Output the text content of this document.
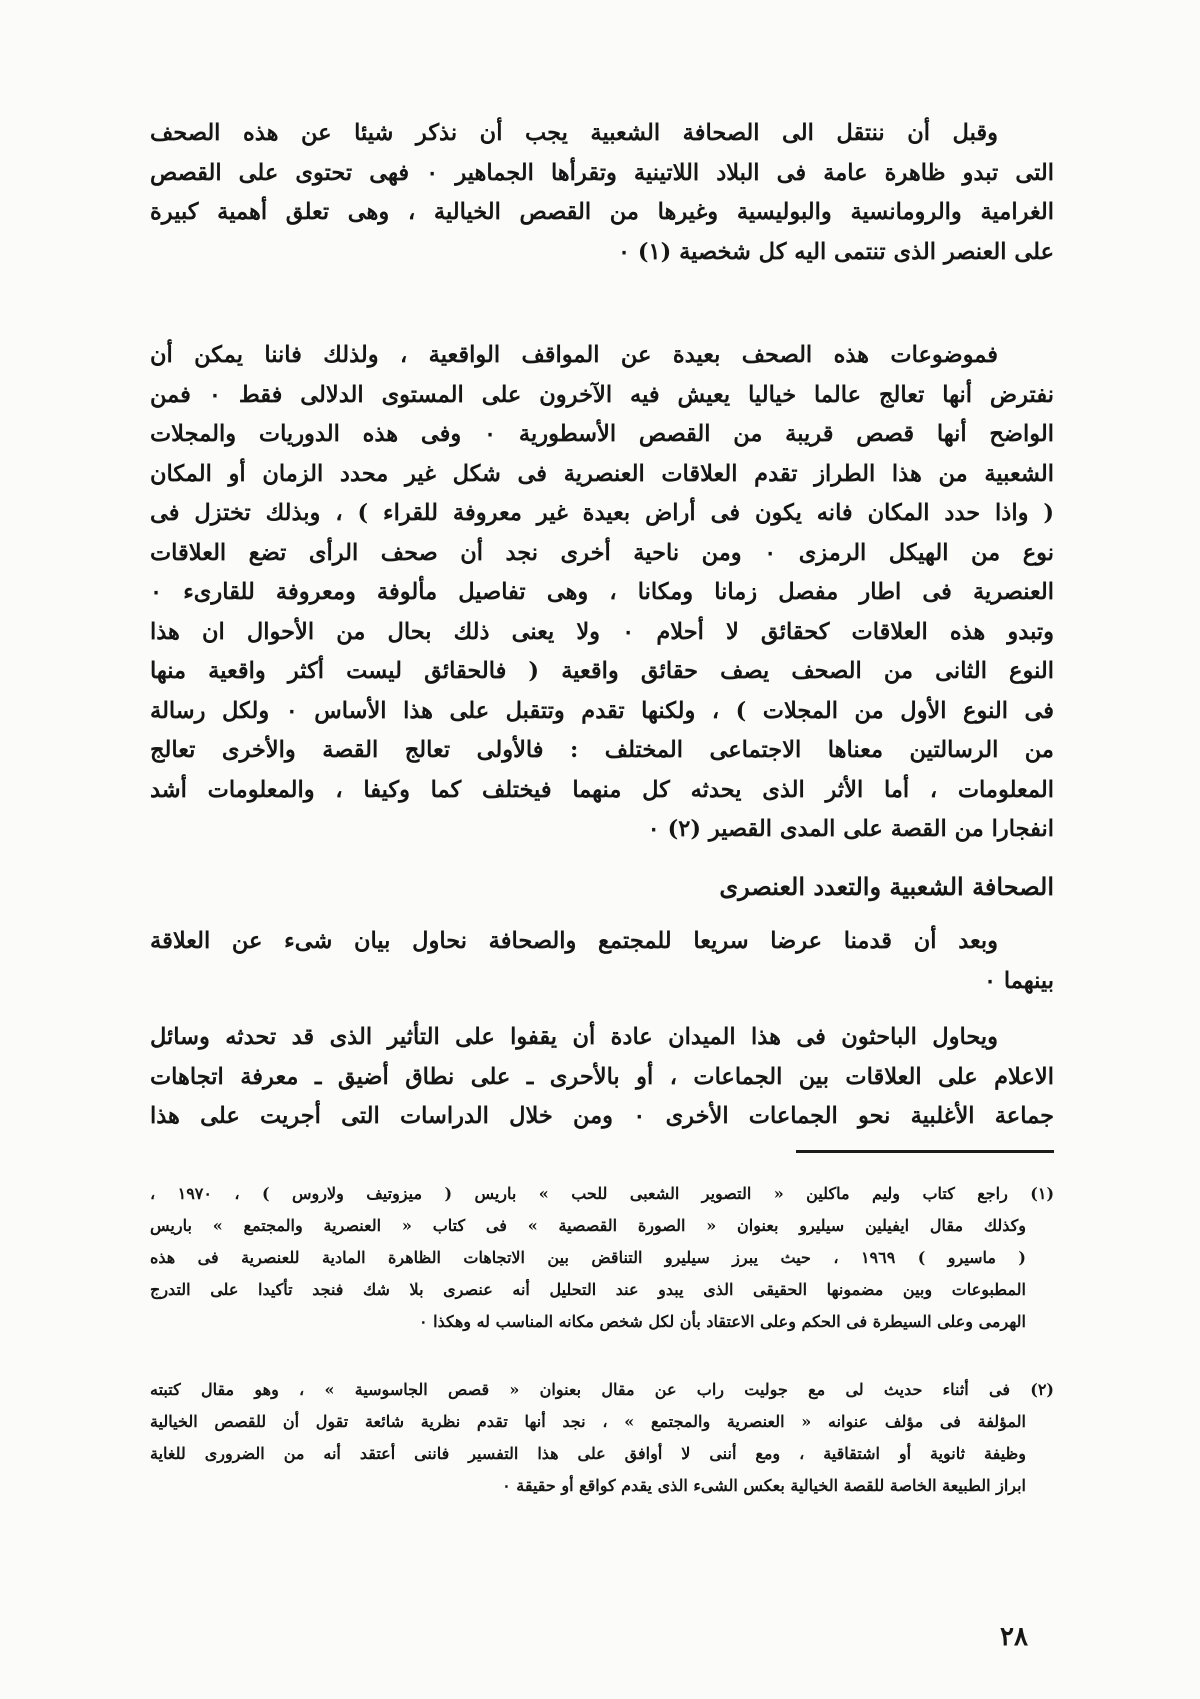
وقبل أن ننتقل الى الصحافة الشعبية يجب أن نذكر شيئا عن هذه الصحف
التى تبدو ظاهرة عامة فى البلاد اللاتينية وتقرأها الجماهير ۰ فهى تحتوى على القصص
الغرامية والرومانسية والبوليسية وغيرها من القصص الخيالية ، وهى تعلق أهمية كبيرة
على العنصر الذى تنتمى اليه كل شخصية (۱) ۰
فموضوعات هذه الصحف بعيدة عن المواقف الواقعية ، ولذلك فاننا يمكن أن
نفترض أنها تعالج عالما خياليا يعيش فيه الآخرون على المستوى الدلالى فقط ۰ فمن
الواضح أنها قصص قريبة من القصص الأسطورية ۰ وفى هذه الدوريات والمجلات
الشعبية من هذا الطراز تقدم العلاقات العنصرية فى شكل غير محدد الزمان أو المكان
( واذا حدد المكان فانه يكون فى أراض بعيدة غير معروفة للقراء ) ، وبذلك تختزل فى
نوع من الهيكل الرمزى ۰ ومن ناحية أخرى نجد أن صحف الرأى تضع العلاقات
العنصرية فى اطار مفصل زمانا ومكانا ، وهى تفاصيل مألوفة ومعروفة للقارىء ۰
وتبدو هذه العلاقات كحقائق لا أحلام ۰ ولا يعنى ذلك بحال من الأحوال ان هذا
النوع الثانى من الصحف يصف حقائق واقعية ( فالحقائق ليست أكثر واقعية منها
فى النوع الأول من المجلات ) ، ولكنها تقدم وتتقبل على هذا الأساس ۰ ولكل رسالة
من الرسالتين معناها الاجتماعى المختلف : فالأولى تعالج القصة والأخرى تعالج
المعلومات ، أما الأثر الذى يحدثه كل منهما فيختلف كما وكيفا ، والمعلومات أشد
انفجارا من القصة على المدى القصير (۲) ۰
الصحافة الشعبية والتعدد العنصرى
وبعد أن قدمنا عرضا سريعا للمجتمع والصحافة نحاول بيان شىء عن العلاقة
بينهما ۰
ويحاول الباحثون فى هذا الميدان عادة أن يقفوا على التأثير الذى قد تحدثه وسائل
الاعلام على العلاقات بين الجماعات ، أو بالأحرى ـ على نطاق أضيق ـ معرفة اتجاهات
جماعة الأغلبية نحو الجماعات الأخرى ۰ ومن خلال الدراسات التى أجريت على هذا
(۱) راجع كتاب وليم ماكلين « التصوير الشعبى للحب » باريس ( ميزوتيف ولاروس ) ، ۱۹۷۰ ،
وكذلك مقال ايفيلين سيليرو بعنوان « الصورة القصصية » فى كتاب « العنصرية والمجتمع » باريس
( ماسيرو ) ۱۹٦۹ ، حيث يبرز سيليرو التناقض بين الاتجاهات الظاهرة المادية للعنصرية فى هذه
المطبوعات وبين مضمونها الحقيقى الذى يبدو عند التحليل أنه عنصرى بلا شك فنجد تأكيدا على التدرج
الهرمى وعلى السيطرة فى الحكم وعلى الاعتقاد بأن لكل شخص مكانه المناسب له وهكذا ۰
(۲) فى أثناء حديث لى مع جوليت راب عن مقال بعنوان « قصص الجاسوسية » ، وهو مقال كتبته
المؤلفة فى مؤلف عنوانه « العنصرية والمجتمع » ، نجد أنها تقدم نظرية شائعة تقول أن للقصص الخيالية
وظيفة ثانوية أو اشتقاقية ، ومع أننى لا أوافق على هذا التفسير فاننى أعتقد أنه من الضرورى للغاية
ابراز الطبيعة الخاصة للقصة الخيالية بعكس الشىء الذى يقدم كواقع أو حقيقة ۰
۲۸
